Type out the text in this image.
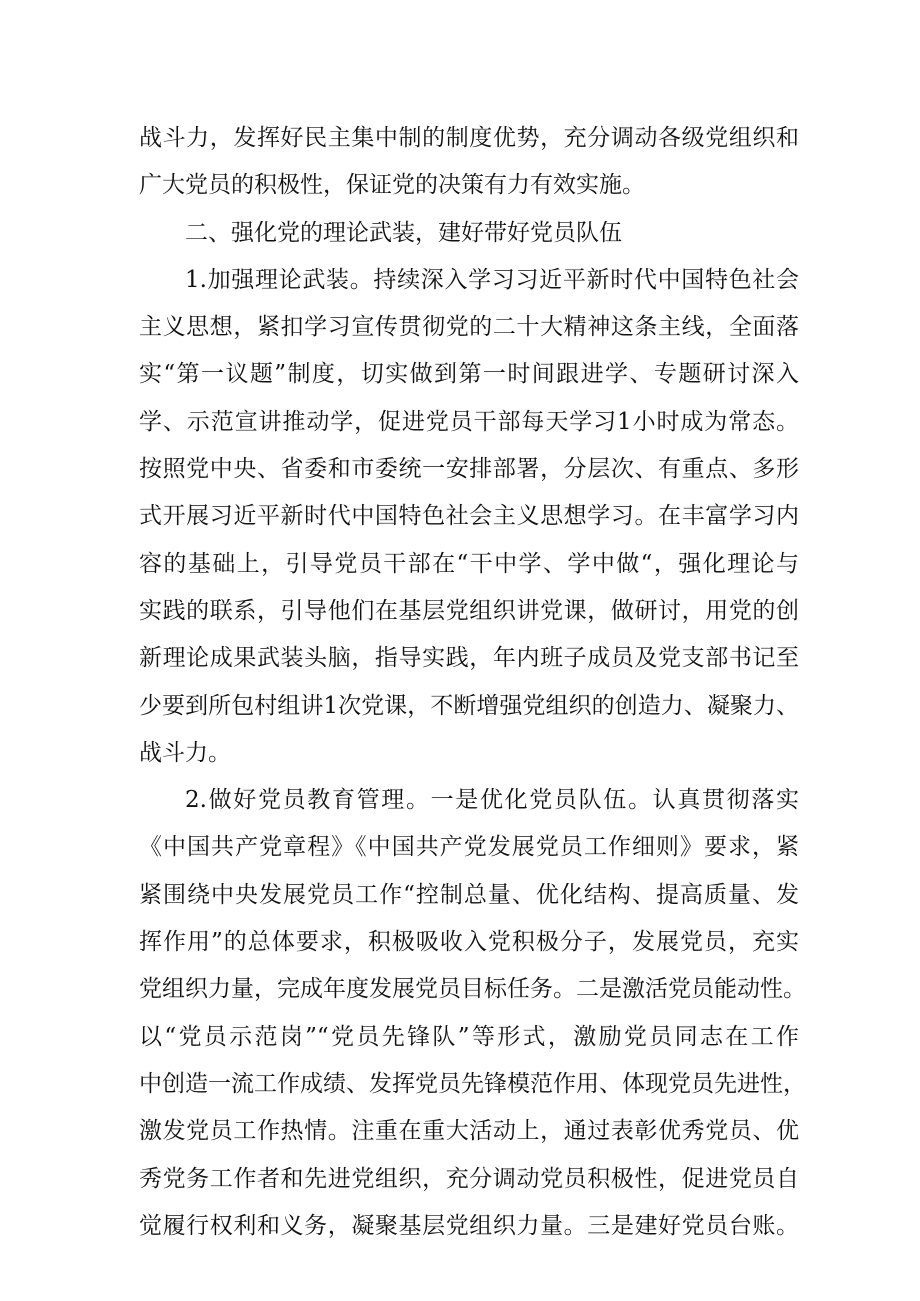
战斗力，发挥好民主集中制的制度优势，充分调动各级党组织和
广大党员的积极性，保证党的决策有力有效实施。
二、强化党的理论武装，建好带好党员队伍
1.加强理论武装。持续深入学习习近平新时代中国特色社会
主义思想，紧扣学习宣传贯彻党的二十大精神这条主线，全面落
实“第一议题”制度，切实做到第一时间跟进学、专题研讨深入
学、示范宣讲推动学，促进党员干部每天学习1小时成为常态。
按照党中央、省委和市委统一安排部署，分层次、有重点、多形
式开展习近平新时代中国特色社会主义思想学习。在丰富学习内
容的基础上，引导党员干部在“干中学、学中做“，强化理论与
实践的联系，引导他们在基层党组织讲党课，做研讨，用党的创
新理论成果武装头脑，指导实践，年内班子成员及党支部书记至
少要到所包村组讲1次党课，不断增强党组织的创造力、凝聚力、
战斗力。
2.做好党员教育管理。一是优化党员队伍。认真贯彻落实
《中国共产党章程》《中国共产党发展党员工作细则》要求，紧
紧围绕中央发展党员工作“控制总量、优化结构、提高质量、发
挥作用”的总体要求，积极吸收入党积极分子，发展党员，充实
党组织力量，完成年度发展党员目标任务。二是激活党员能动性。
以“党员示范岗”“党员先锋队”等形式，激励党员同志在工作
中创造一流工作成绩、发挥党员先锋模范作用、体现党员先进性，
激发党员工作热情。注重在重大活动上，通过表彰优秀党员、优
秀党务工作者和先进党组织，充分调动党员积极性，促进党员自
觉履行权利和义务，凝聚基层党组织力量。三是建好党员台账。
